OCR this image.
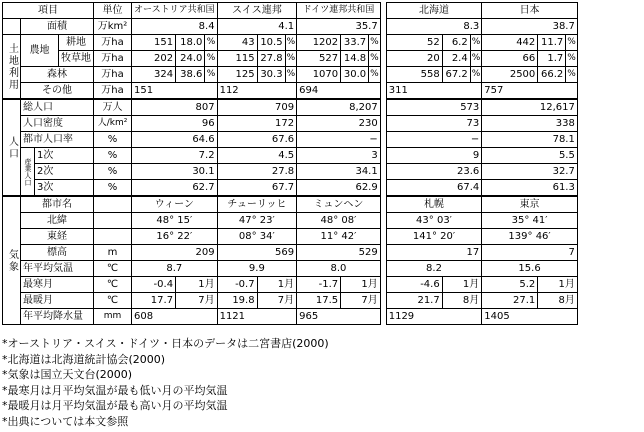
項目				単位	オーストリア共和国			スイス連邦			ドイツ連邦共和国				北海道			日本		
	面積			万km²	8.4			4.1			35.7				8.3			38.7		
土地利用	農地		耕地	万ha	151	18.0	%	43	10.5	%	1202	33.7	%		52	6.2	%	442	11.7	%
			牧草地	万ha	202	24.0	%	115	27.8	%	527	14.8	%		20	2.4	%	66	1.7	%
	森林			万ha	324	38.6	%	125	30.3	%	1070	30.0	%		558	67.2	%	2500	66.2	%
	その他			万ha	151			112			694				311			757		
人口	総人口			万人	807			709			8,207				573			12,617		
	人口密度			人/km²	96			172			230				73			338		
	都市人口率			%	64.6			67.6			−				−			78.1		
	産業人口	1次		%	7.2			4.5			3				9			5.5		
		2次		%	30.1			27.8			34.1				23.6			32.7		
		3次		%	62.7			67.7			62.9				67.4			61.3		
気象	都市名				ウィーン			チューリッヒ			ミュンヘン				札幌			東京		
	北緯				48° 15′			47° 23′			48° 08′				43° 03′			35° 41′		
	東経				16° 22′			08° 34′			11° 42′				141° 20′			139° 46′		
	標高			m	209			569			529				17			7		
	年平均気温			℃	8.7			9.9			8.0				8.2			15.6		
	最寒月			℃	-0.4	1月		-0.7	1月		-1.7	1月			-4.6	1月		5.2	1月	
	最暖月			℃	17.7	7月		19.8	7月		17.5	7月			21.7	8月		27.1	8月	
	年平均降水量			mm	608			1121			965				1129			1405		
*オーストリア・スイス・ドイツ・日本のデータは二宮書店(2000)
*北海道は北海道統計協会(2000)
*気象は国立天文台(2000)
*最寒月は月平均気温が最も低い月の平均気温
*最暖月は月平均気温が最も高い月の平均気温
*出典については本文参照
